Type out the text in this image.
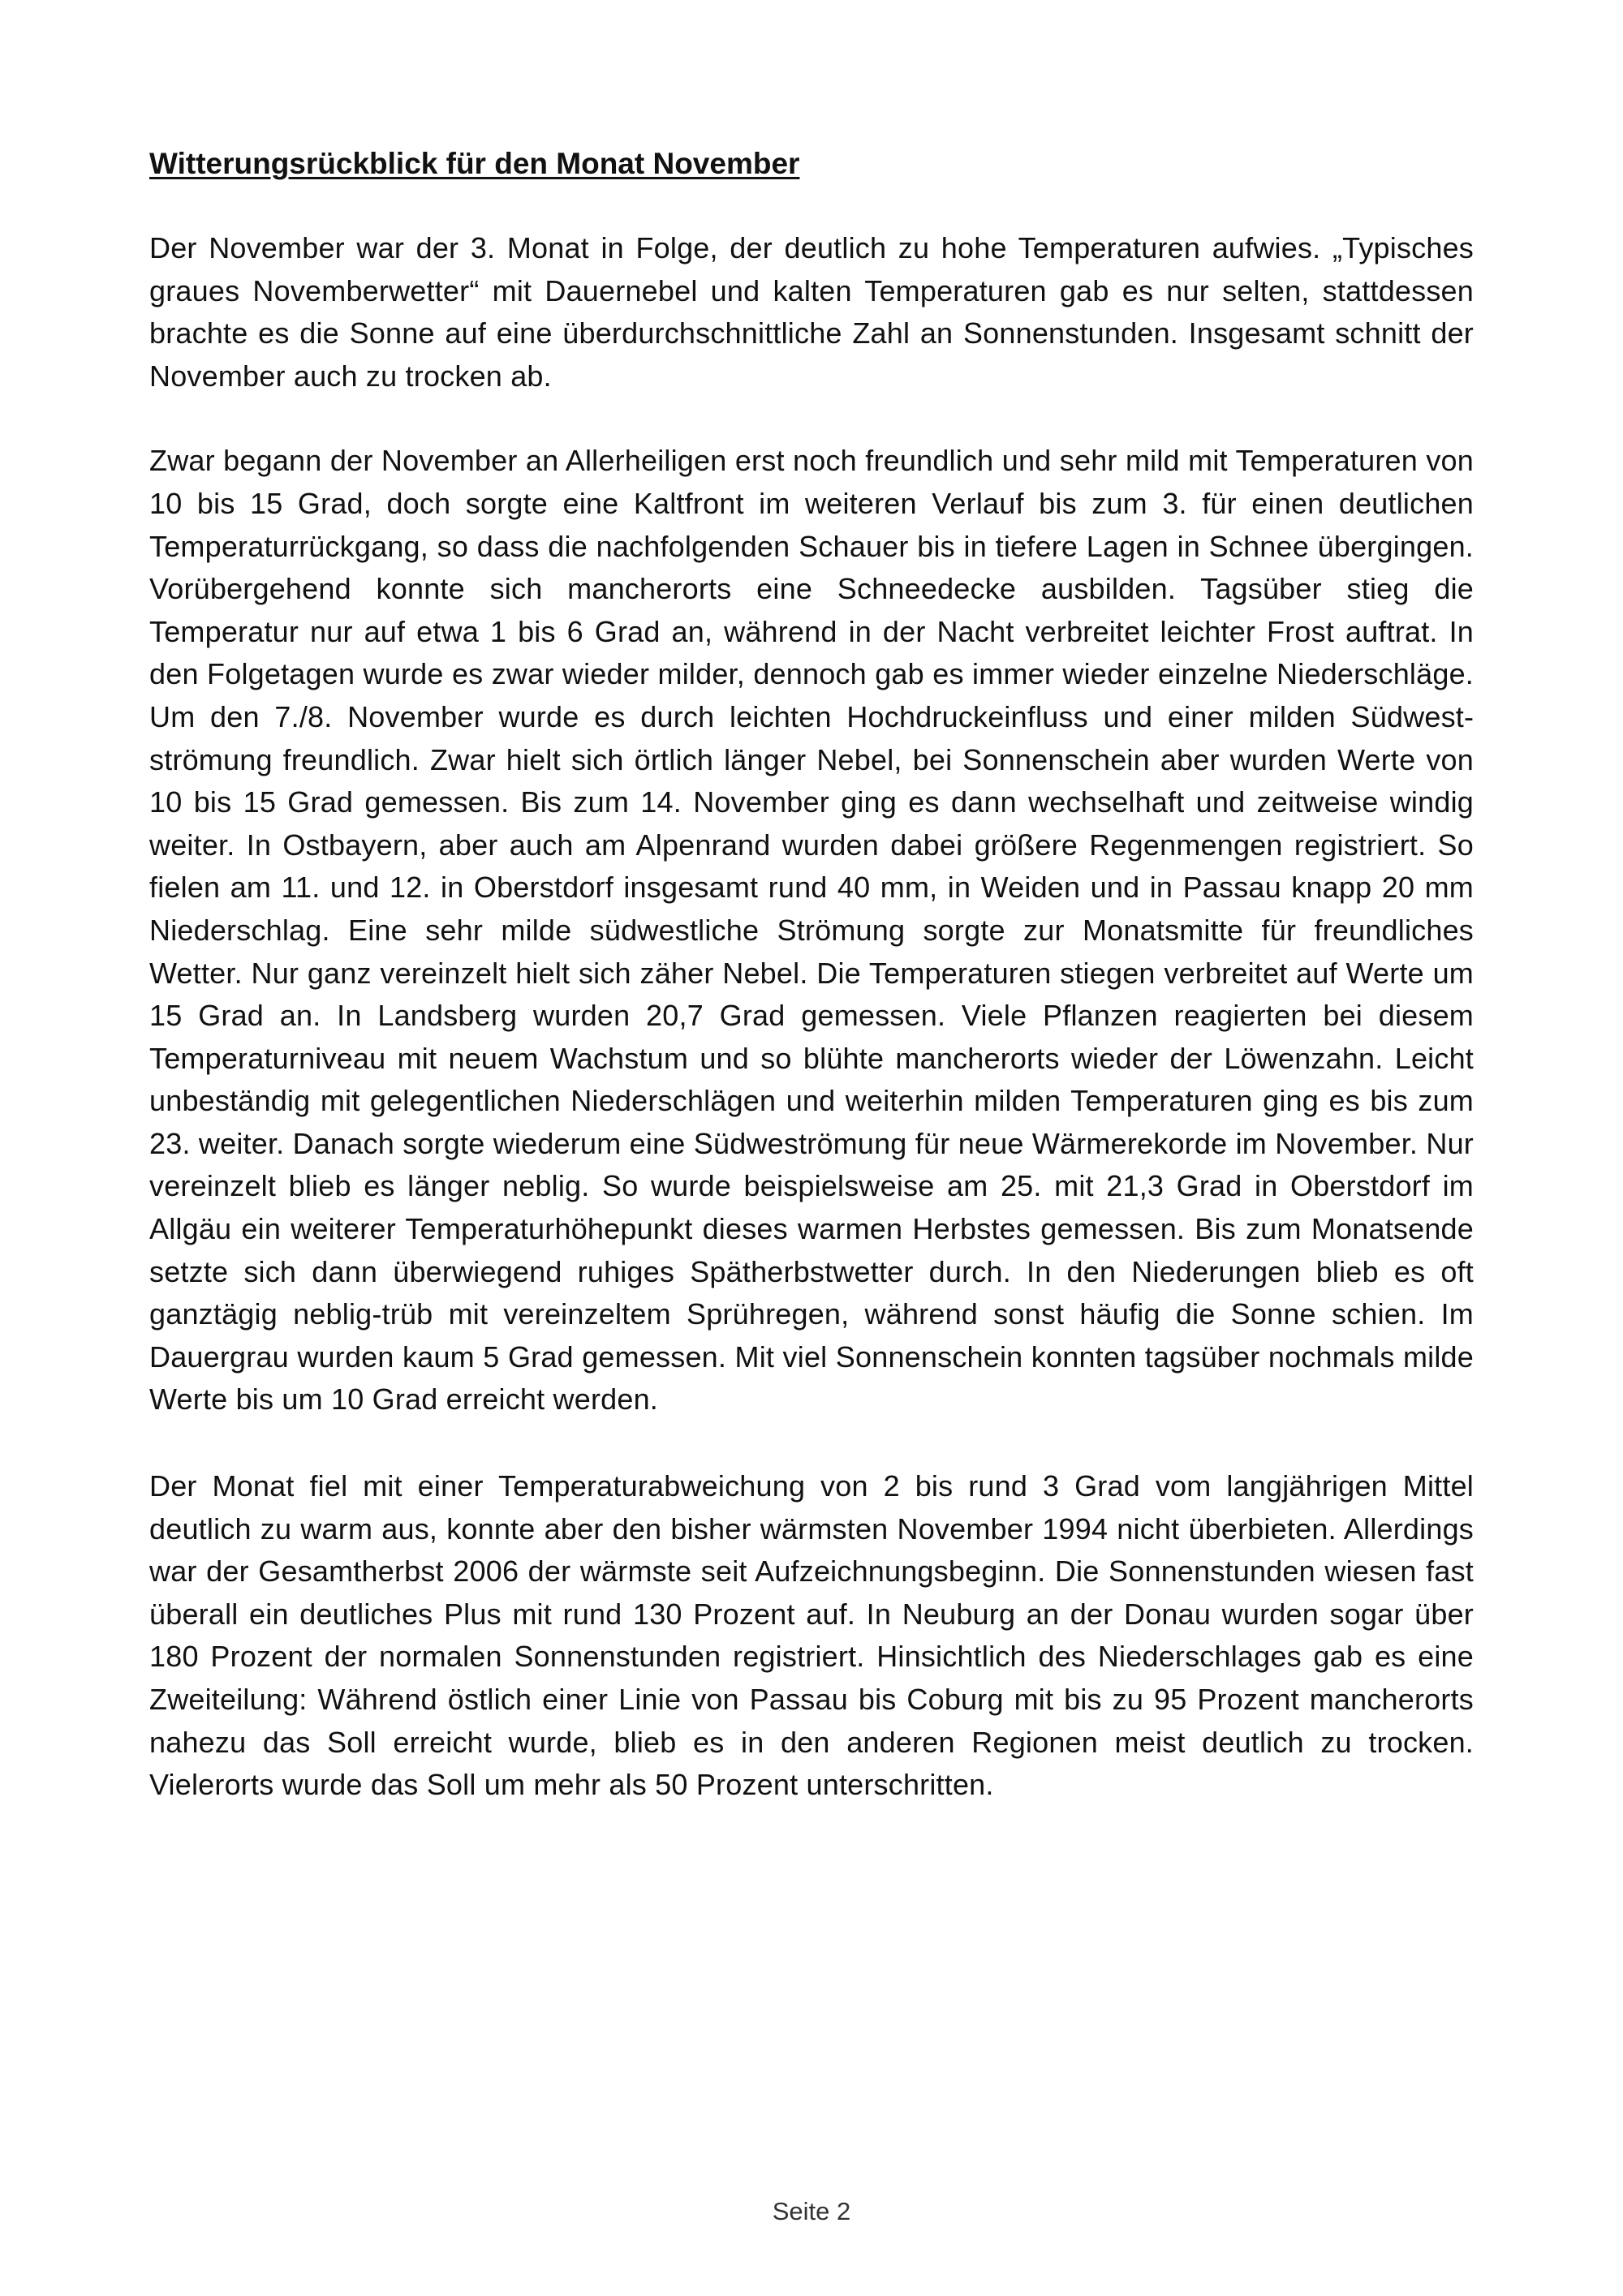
Witterungsrückblick für den Monat November

Der November war der 3. Monat in Folge, der deutlich zu hohe Temperaturen aufwies. „Typisches graues Novemberwetter“ mit Dauernebel und kalten Temperaturen gab es nur selten, stattdessen brachte es die Sonne auf eine überdurchschnittliche Zahl an Sonnenstunden. Insgesamt schnitt der November auch zu trocken ab.

Zwar begann der November an Allerheiligen erst noch freundlich und sehr mild mit Temperaturen von 10 bis 15 Grad, doch sorgte eine Kaltfront im weiteren Verlauf bis zum 3. für einen deutlichen Temperaturrückgang, so dass die nachfolgenden Schauer bis in tiefere Lagen in Schnee übergingen. Vorübergehend konnte sich mancherorts eine Schneedecke ausbilden. Tagsüber stieg die Temperatur nur auf etwa 1 bis 6 Grad an, während in der Nacht verbreitet leichter Frost auftrat. In den Folgetagen wurde es zwar wieder milder, dennoch gab es immer wieder einzelne Niederschläge. Um den 7./8. November wurde es durch leichten Hochdruckeinfluss und einer milden Südwestströmung freundlich. Zwar hielt sich örtlich länger Nebel, bei Sonnenschein aber wurden Werte von 10 bis 15 Grad gemessen. Bis zum 14. November ging es dann wechselhaft und zeitweise windig weiter. In Ostbayern, aber auch am Alpenrand wurden dabei größere Regenmengen registriert. So fielen am 11. und 12. in Oberstdorf insgesamt rund 40 mm, in Weiden und in Passau knapp 20 mm Niederschlag. Eine sehr milde südwestliche Strömung sorgte zur Monatsmitte für freundliches Wetter. Nur ganz vereinzelt hielt sich zäher Nebel. Die Temperaturen stiegen verbreitet auf Werte um 15 Grad an. In Landsberg wurden 20,7 Grad gemessen. Viele Pflanzen reagierten bei diesem Temperaturniveau mit neuem Wachstum und so blühte mancherorts wieder der Löwenzahn. Leicht unbeständig mit gelegentlichen Niederschlägen und weiterhin milden Temperaturen ging es bis zum 23. weiter. Danach sorgte wiederum eine Südweströmung für neue Wärmerekorde im November. Nur vereinzelt blieb es länger neblig. So wurde beispielsweise am 25. mit 21,3 Grad in Oberstdorf im Allgäu ein weiterer Temperaturhöhepunkt dieses warmen Herbstes gemessen. Bis zum Monatsende setzte sich dann überwiegend ruhiges Spätherbstwetter durch. In den Niederungen blieb es oft ganztägig neblig-trüb mit vereinzeltem Sprühregen, während sonst häufig die Sonne schien. Im Dauergrau wurden kaum 5 Grad gemessen. Mit viel Sonnenschein konnten tagsüber nochmals milde Werte bis um 10 Grad erreicht werden.

Der Monat fiel mit einer Temperaturabweichung von 2 bis rund 3 Grad vom langjährigen Mittel deutlich zu warm aus, konnte aber den bisher wärmsten November 1994 nicht überbieten. Allerdings war der Gesamtherbst 2006 der wärmste seit Aufzeichnungsbeginn. Die Sonnenstunden wiesen fast überall ein deutliches Plus mit rund 130 Prozent auf. In Neuburg an der Donau wurden sogar über 180 Prozent der normalen Sonnenstunden registriert. Hinsichtlich des Niederschlages gab es eine Zweiteilung: Während östlich einer Linie von Passau bis Coburg mit bis zu 95 Prozent mancherorts nahezu das Soll erreicht wurde, blieb es in den anderen Regionen meist deutlich zu trocken. Vielerorts wurde das Soll um mehr als 50 Prozent unterschritten.

Seite 2
